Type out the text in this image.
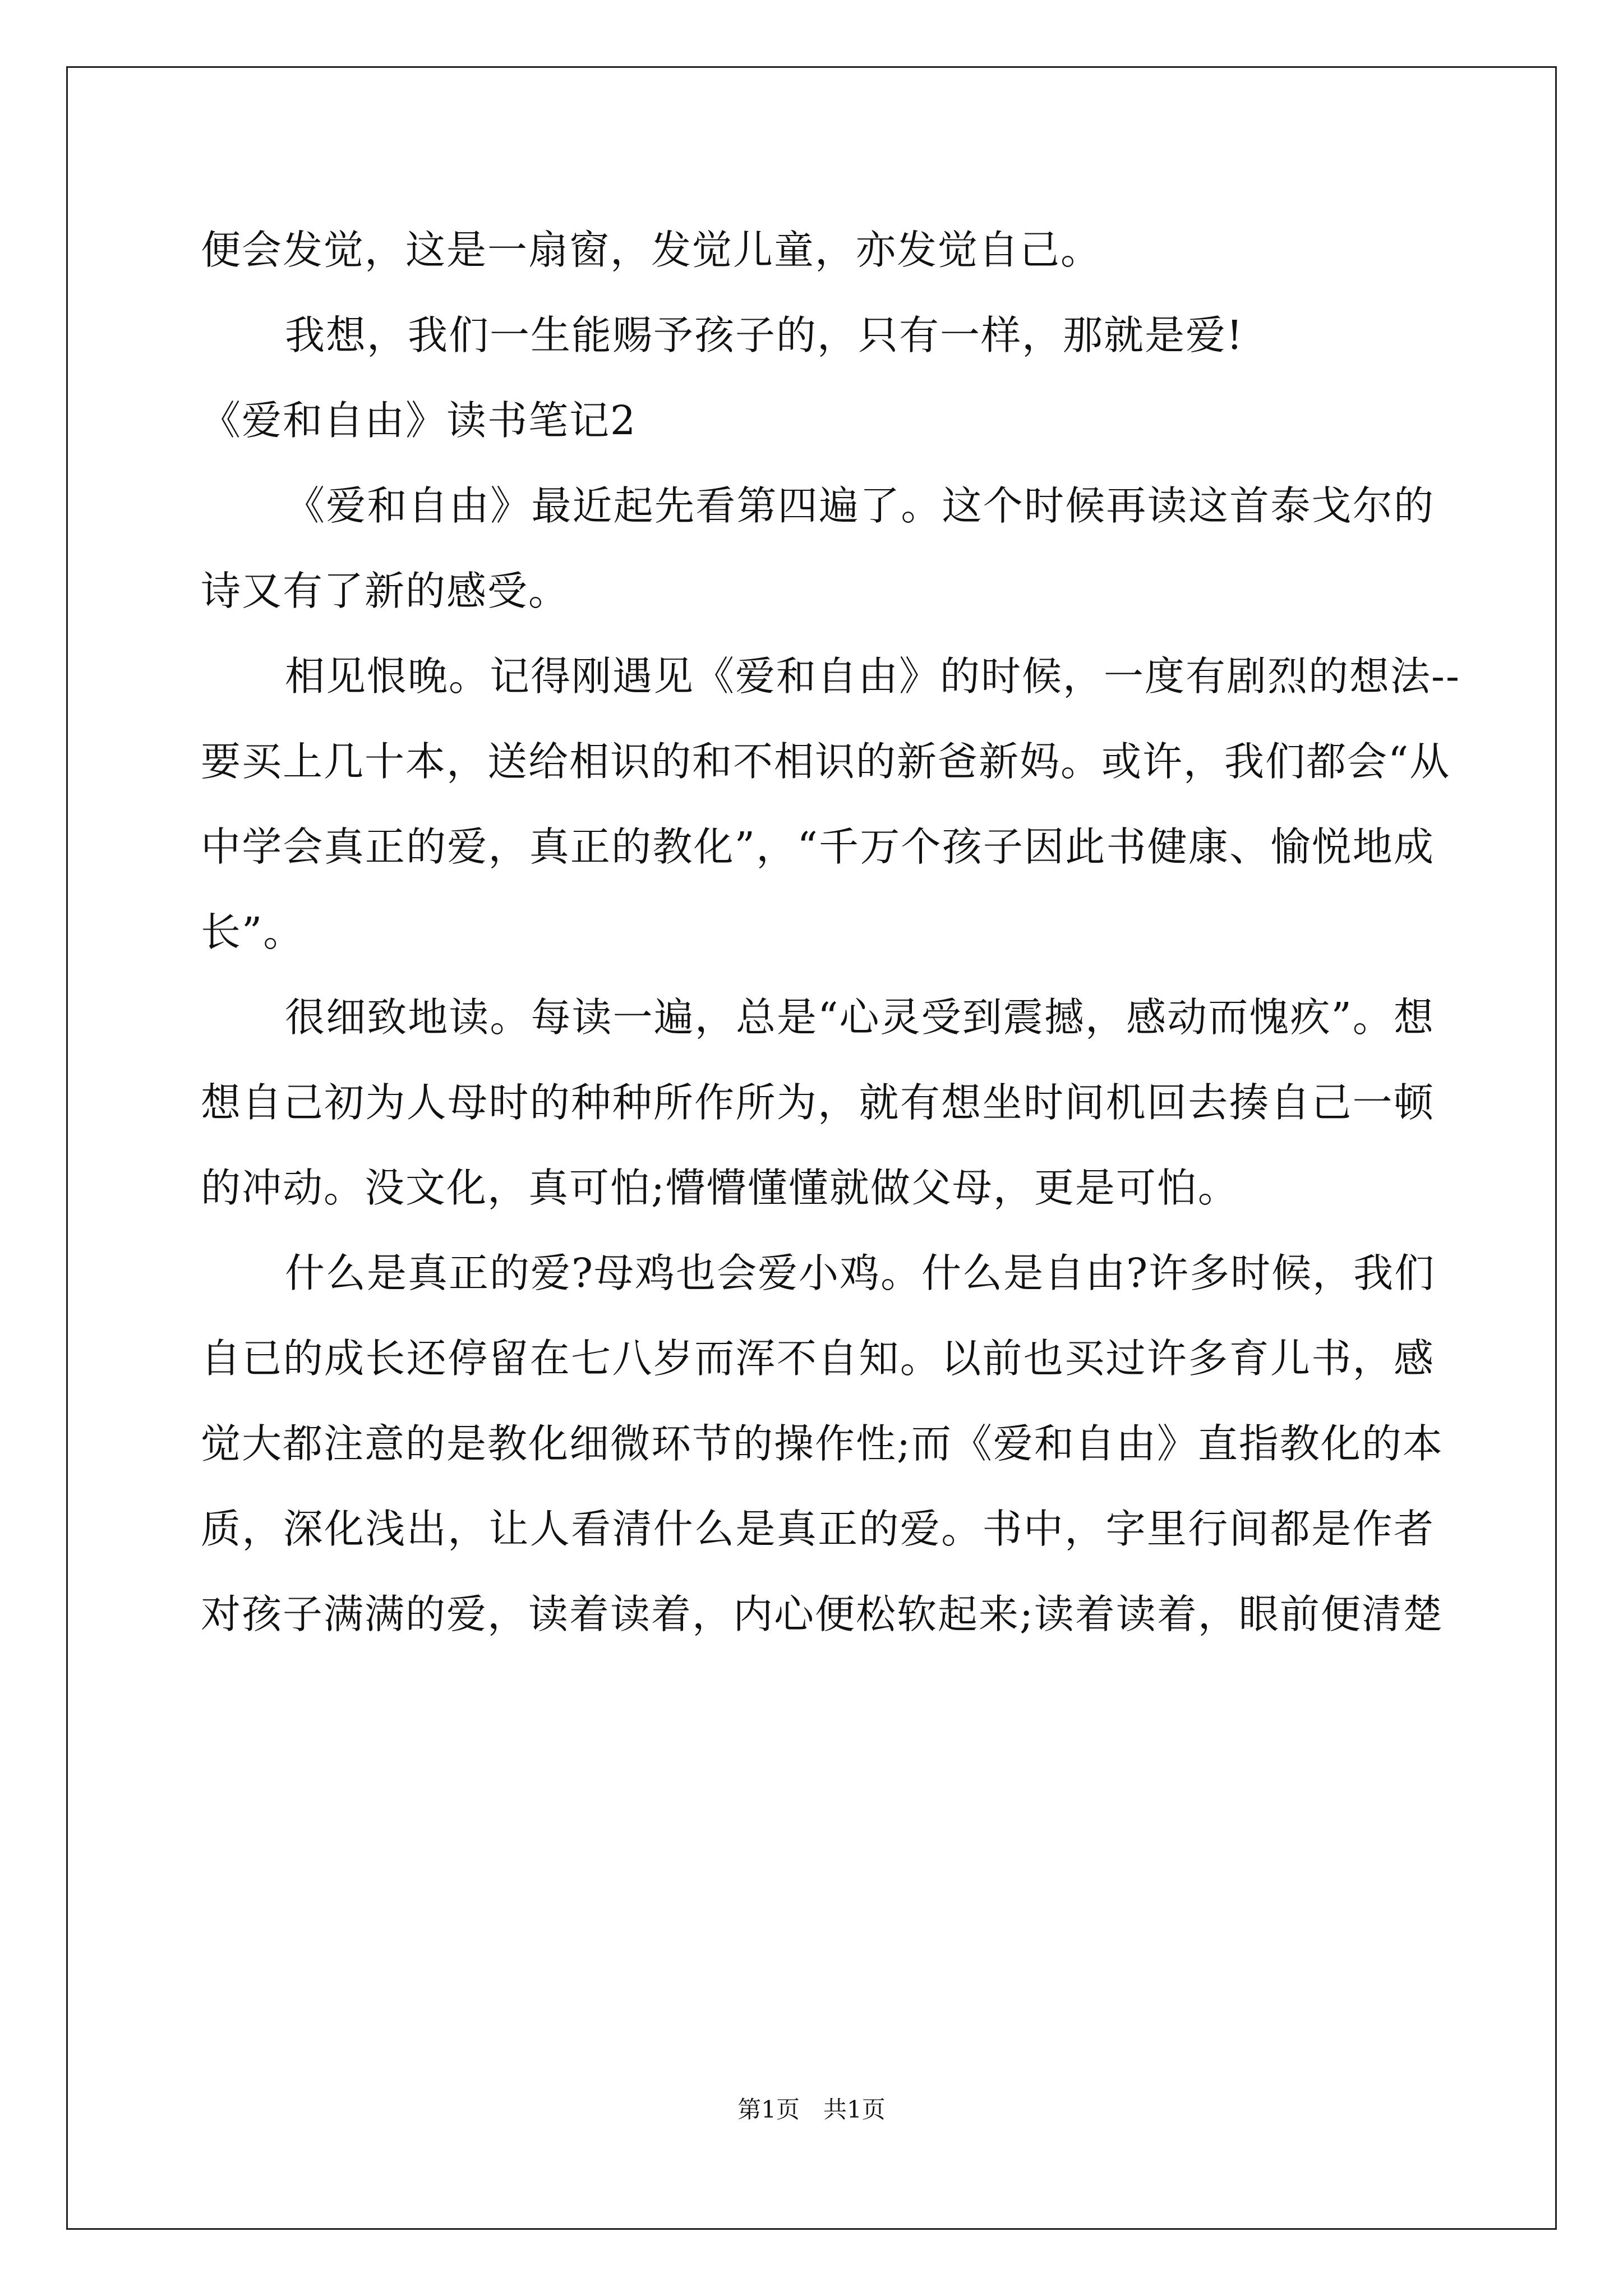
便会发觉，这是一扇窗，发觉儿童，亦发觉自己。
我想，我们一生能赐予孩子的，只有一样，那就是爱!
《爱和自由》读书笔记2
《爱和自由》最近起先看第四遍了。这个时候再读这首泰戈尔的
诗又有了新的感受。
相见恨晚。记得刚遇见《爱和自由》的时候，一度有剧烈的想法--
要买上几十本，送给相识的和不相识的新爸新妈。或许，我们都会“从
中学会真正的爱，真正的教化”，“千万个孩子因此书健康、愉悦地成
长”。
很细致地读。每读一遍，总是“心灵受到震撼，感动而愧疚”。想
想自己初为人母时的种种所作所为，就有想坐时间机回去揍自己一顿
的冲动。没文化，真可怕;懵懵懂懂就做父母，更是可怕。
什么是真正的爱?母鸡也会爱小鸡。什么是自由?许多时候，我们
自已的成长还停留在七八岁而浑不自知。以前也买过许多育儿书，感
觉大都注意的是教化细微环节的操作性;而《爱和自由》直指教化的本
质，深化浅出，让人看清什么是真正的爱。书中，字里行间都是作者
对孩子满满的爱，读着读着，内心便松软起来;读着读着，眼前便清楚
第1页　共1页
